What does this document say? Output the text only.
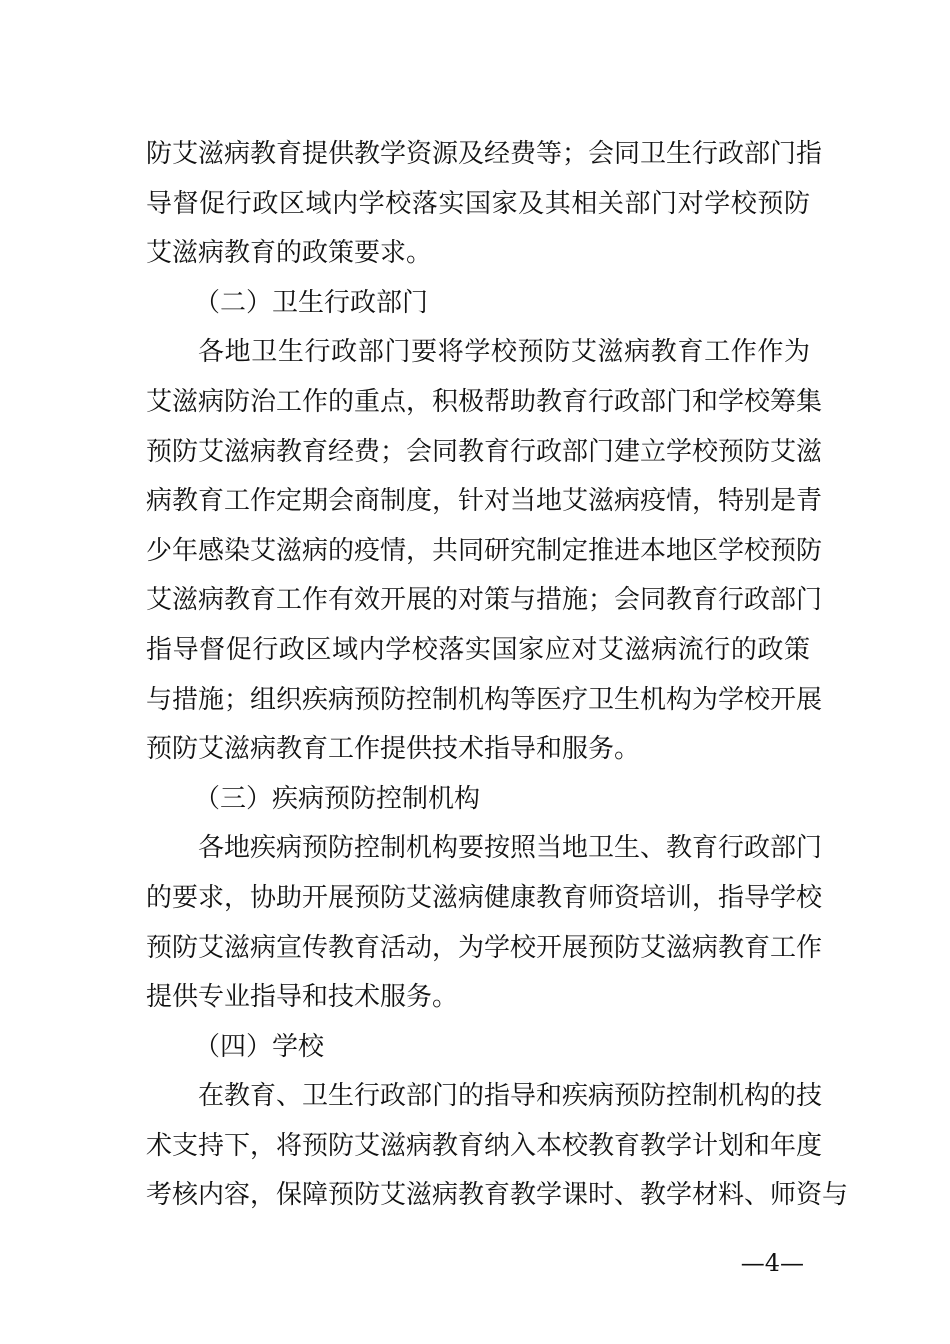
防艾滋病教育提供教学资源及经费等；会同卫生行政部门指
导督促行政区域内学校落实国家及其相关部门对学校预防
艾滋病教育的政策要求。
（二）卫生行政部门
各地卫生行政部门要将学校预防艾滋病教育工作作为
艾滋病防治工作的重点，积极帮助教育行政部门和学校筹集
预防艾滋病教育经费；会同教育行政部门建立学校预防艾滋
病教育工作定期会商制度，针对当地艾滋病疫情，特别是青
少年感染艾滋病的疫情，共同研究制定推进本地区学校预防
艾滋病教育工作有效开展的对策与措施；会同教育行政部门
指导督促行政区域内学校落实国家应对艾滋病流行的政策
与措施；组织疾病预防控制机构等医疗卫生机构为学校开展
预防艾滋病教育工作提供技术指导和服务。
（三）疾病预防控制机构
各地疾病预防控制机构要按照当地卫生、教育行政部门
的要求，协助开展预防艾滋病健康教育师资培训，指导学校
预防艾滋病宣传教育活动，为学校开展预防艾滋病教育工作
提供专业指导和技术服务。
（四）学校
在教育、卫生行政部门的指导和疾病预防控制机构的技
术支持下，将预防艾滋病教育纳入本校教育教学计划和年度
考核内容，保障预防艾滋病教育教学课时、教学材料、师资与
—4—
